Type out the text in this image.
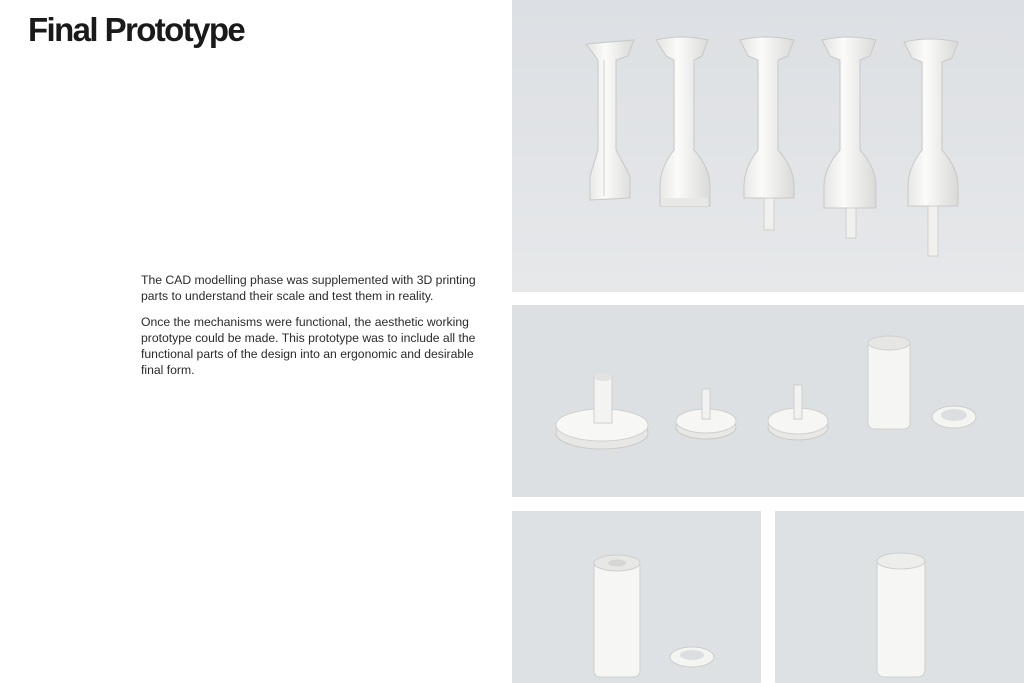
Final Prototype

The CAD modelling phase was supplemented with 3D printing parts to understand their scale and test them in reality.

Once the mechanisms were functional, the aesthetic working prototype could be made. This prototype was to include all the functional parts of the design into an ergonomic and desirable final form.
